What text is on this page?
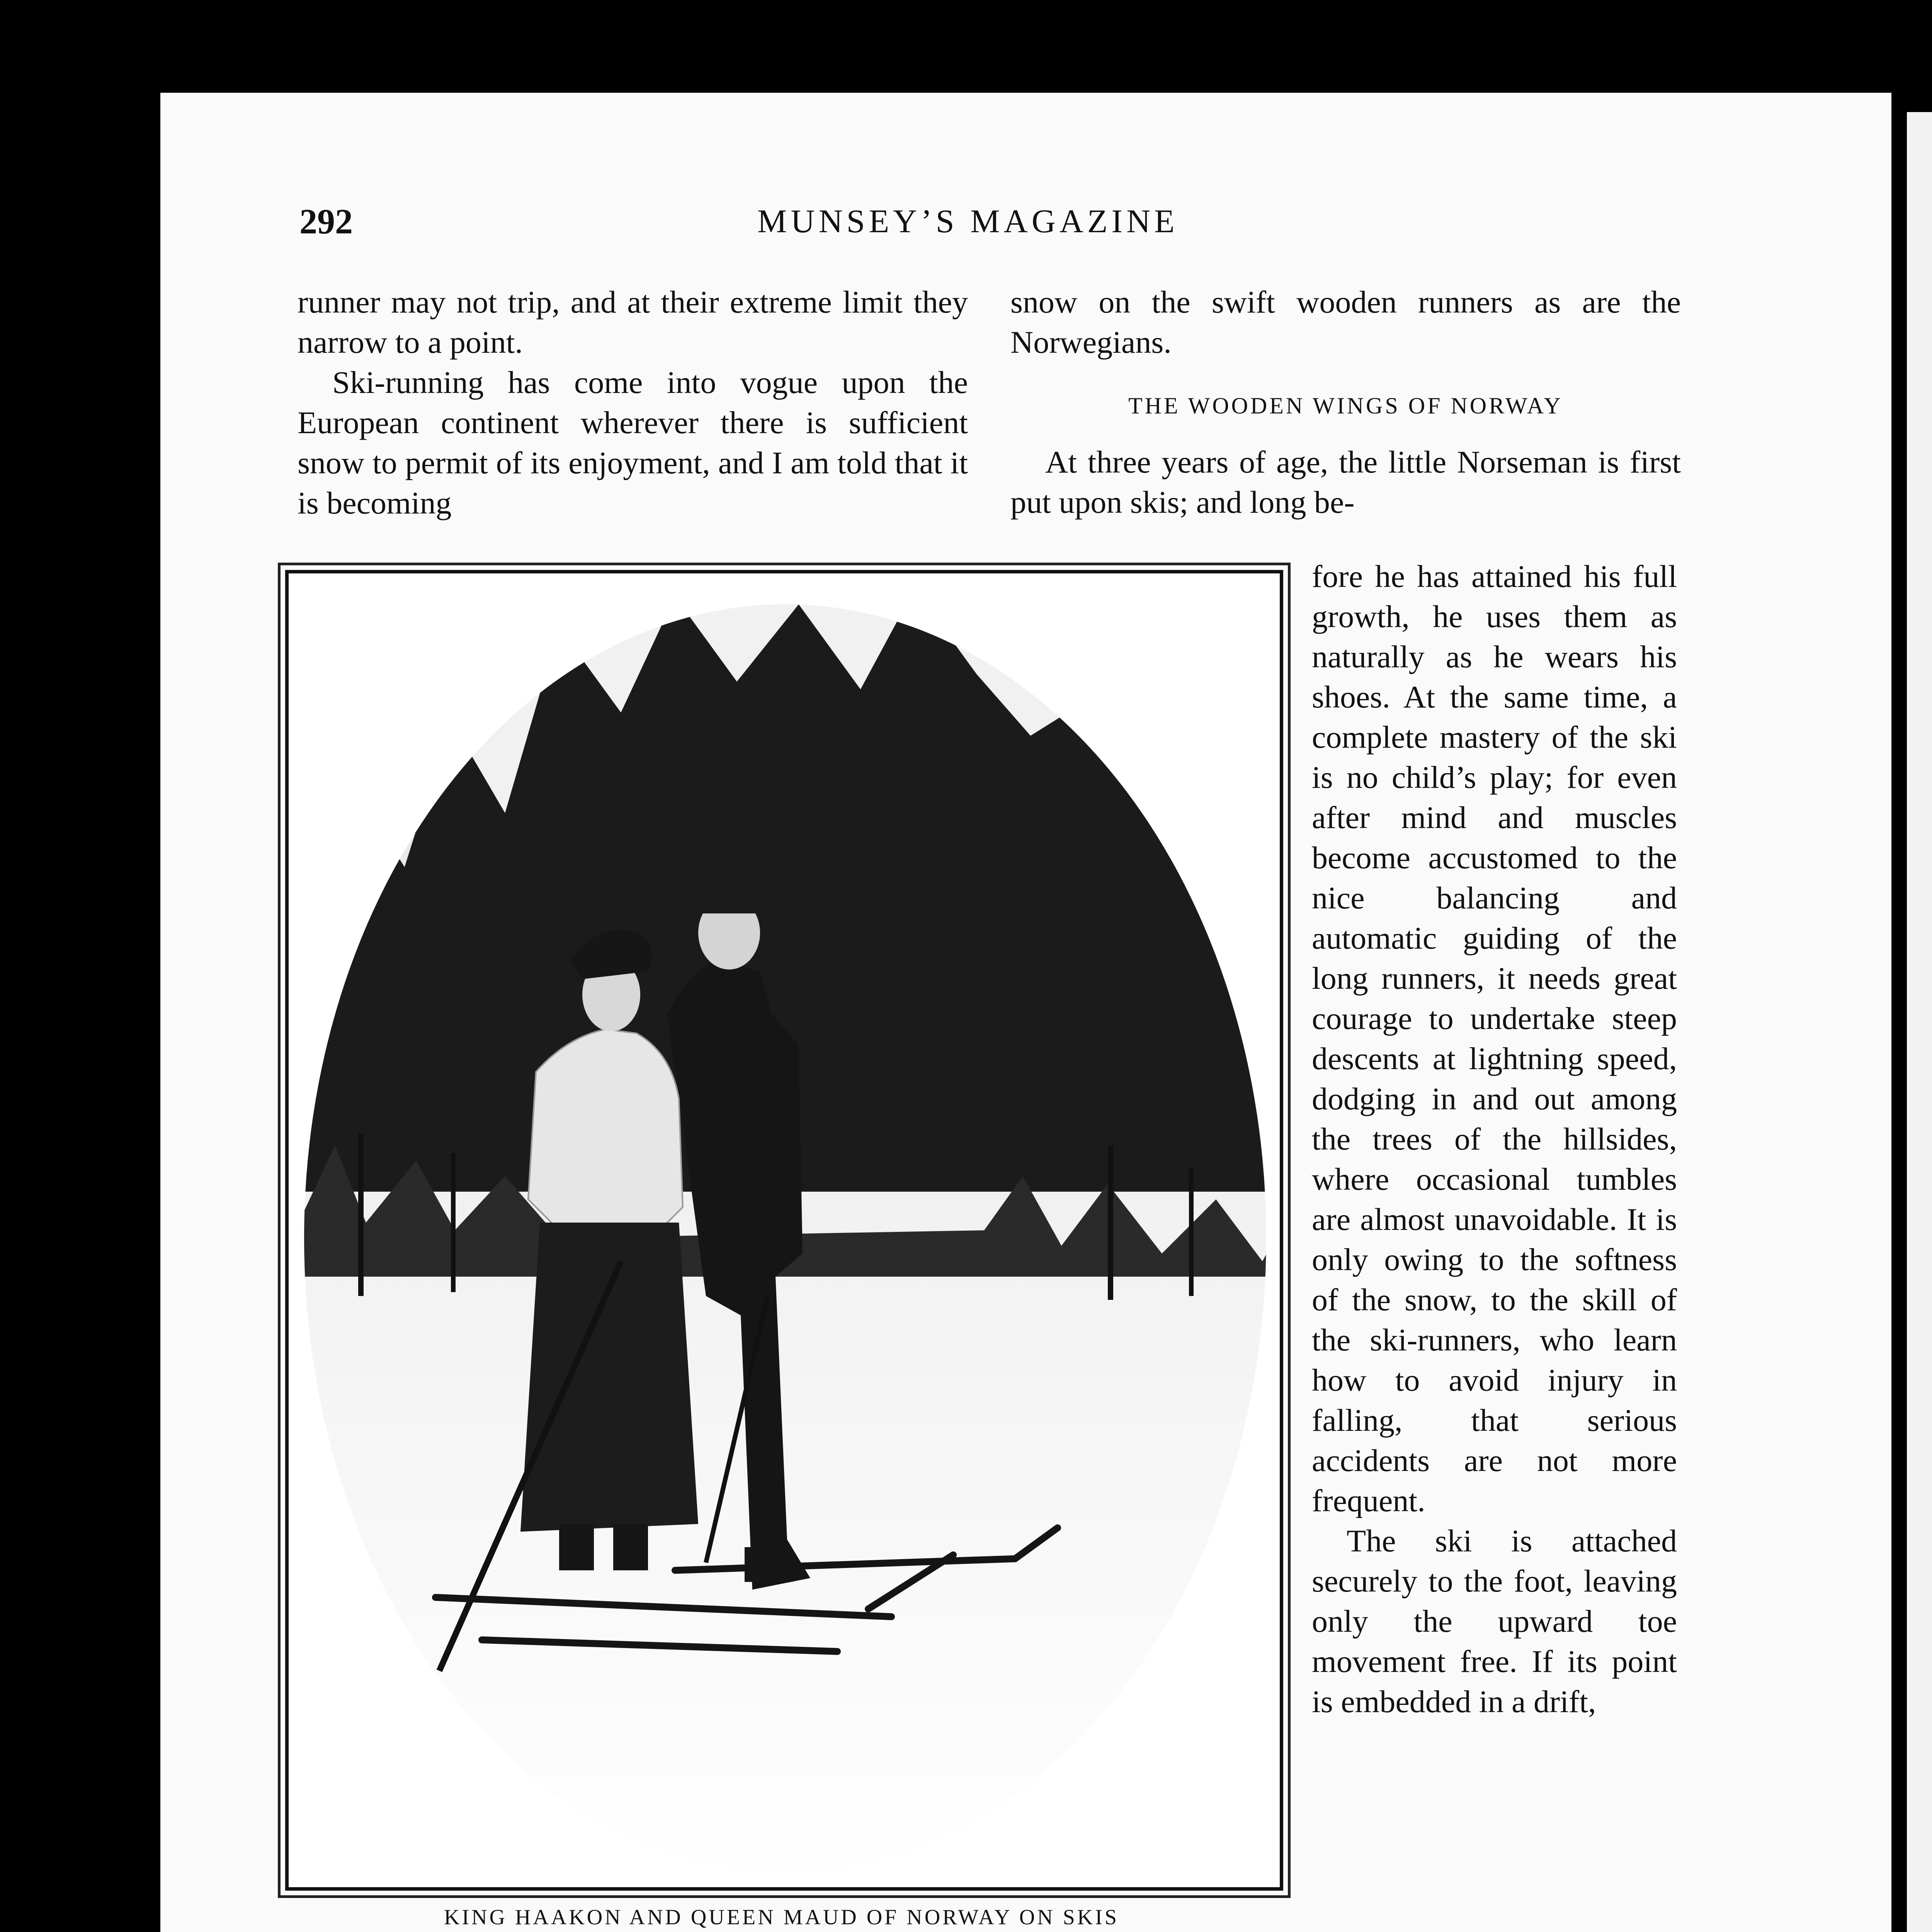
292	MUNSEY’S MAGAZINE

runner may not trip, and at their extreme limit they narrow to a point.

Ski-running has come into vogue upon the European continent wherever there is sufficient snow to permit of its enjoyment, and I am told that it is becoming

snow on the swift wooden runners as are the Norwegians.

THE WOODEN WINGS OF NORWAY

At three years of age, the little Norseman is first put upon skis; and long be-

fore he has attained his full growth, he uses them as naturally as he wears his shoes. At the same time, a complete mastery of the ski is no child’s play; for even after mind and muscles become accustomed to the nice balancing and automatic guiding of the long runners, it needs great courage to undertake steep descents at lightning speed, dodging in and out among the trees of the hillsides, where occasional tumbles are almost unavoidable. It is only owing to the softness of the snow, to the skill of the ski-runners, who learn how to avoid injury in falling, that serious accidents are not more frequent.

The ski is attached securely to the foot, leaving only the upward toe movement free. If its point is embedded in a drift,

KING HAAKON AND QUEEN MAUD OF NORWAY ON SKIS
